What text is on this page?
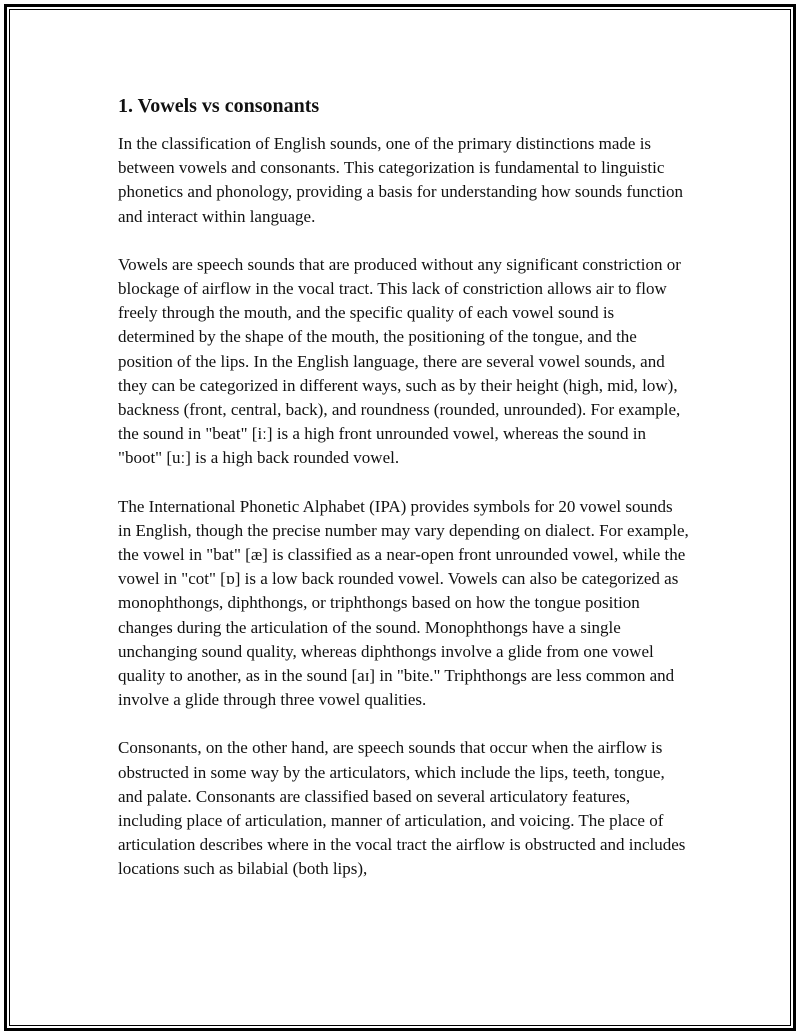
1. Vowels vs consonants

In the classification of English sounds, one of the primary distinctions made is between vowels and consonants. This categorization is fundamental to linguistic phonetics and phonology, providing a basis for understanding how sounds function and interact within language.

Vowels are speech sounds that are produced without any significant constriction or blockage of airflow in the vocal tract. This lack of constriction allows air to flow freely through the mouth, and the specific quality of each vowel sound is determined by the shape of the mouth, the positioning of the tongue, and the position of the lips. In the English language, there are several vowel sounds, and they can be categorized in different ways, such as by their height (high, mid, low), backness (front, central, back), and roundness (rounded, unrounded). For example, the sound in "beat" [iː] is a high front unrounded vowel, whereas the sound in "boot" [uː] is a high back rounded vowel.

The International Phonetic Alphabet (IPA) provides symbols for 20 vowel sounds in English, though the precise number may vary depending on dialect. For example, the vowel in "bat" [æ] is classified as a near-open front unrounded vowel, while the vowel in "cot" [ɒ] is a low back rounded vowel. Vowels can also be categorized as monophthongs, diphthongs, or triphthongs based on how the tongue position changes during the articulation of the sound. Monophthongs have a single unchanging sound quality, whereas diphthongs involve a glide from one vowel quality to another, as in the sound [aɪ] in "bite." Triphthongs are less common and involve a glide through three vowel qualities.

Consonants, on the other hand, are speech sounds that occur when the airflow is obstructed in some way by the articulators, which include the lips, teeth, tongue, and palate. Consonants are classified based on several articulatory features, including place of articulation, manner of articulation, and voicing. The place of articulation describes where in the vocal tract the airflow is obstructed and includes locations such as bilabial (both lips),
